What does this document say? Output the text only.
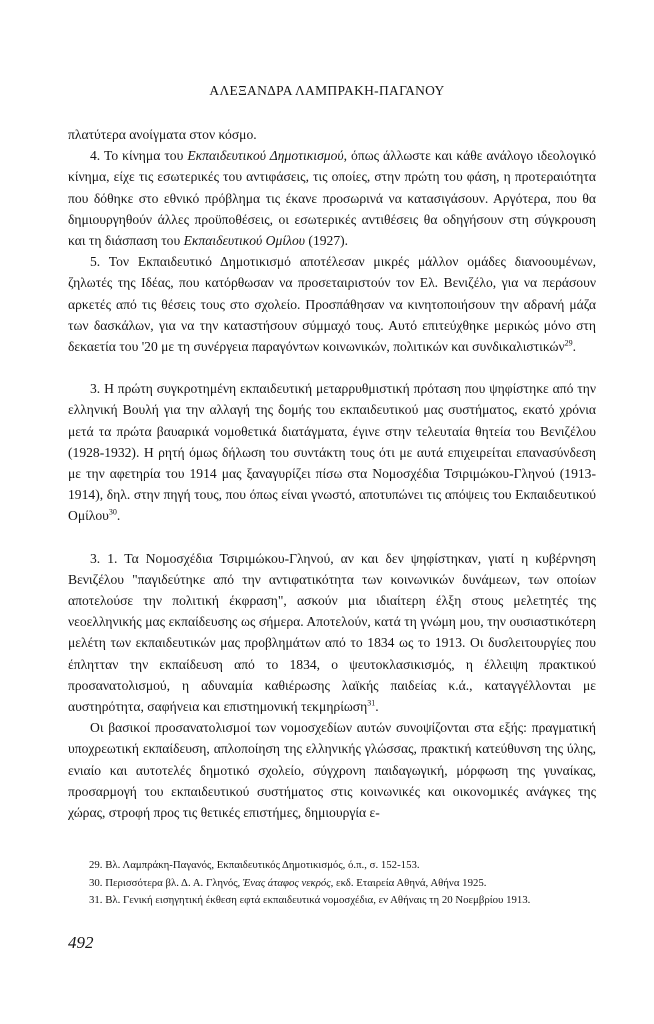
ΑΛΕΞΑΝΔΡΑ ΛΑΜΠΡΑΚΗ-ΠΑΓΑΝΟΥ

πλατύτερα ανοίγματα στον κόσμο.

4. Το κίνημα του Εκπαιδευτικού Δημοτικισμού, όπως άλλωστε και κάθε ανάλογο ιδεολογικό κίνημα, είχε τις εσωτερικές του αντιφάσεις, τις οποίες, στην πρώτη του φάση, η προτεραιότητα που δόθηκε στο εθνικό πρόβλημα τις έκανε προσωρινά να κατασιγάσουν. Αργότερα, που θα δημιουργηθούν άλλες προϋποθέσεις, οι εσωτερικές αντιθέσεις θα οδηγήσουν στη σύγκρουση και τη διάσπαση του Εκπαιδευτικού Ομίλου (1927).

5. Τον Εκπαιδευτικό Δημοτικισμό αποτέλεσαν μικρές μάλλον ομάδες διανοουμένων, ζηλωτές της Ιδέας, που κατόρθωσαν να προσεταιριστούν τον Ελ. Βενιζέλο, για να περάσουν αρκετές από τις θέσεις τους στο σχολείο. Προσπάθησαν να κινητοποιήσουν την αδρανή μάζα των δασκάλων, για να την καταστήσουν σύμμαχό τους. Αυτό επιτεύχθηκε μερικώς μόνο στη δεκαετία του '20 με τη συνέργεια παραγόντων κοινωνικών, πολιτικών και συνδικαλιστικών$^{29}$.

3. Η πρώτη συγκροτημένη εκπαιδευτική μεταρρυθμιστική πρόταση που ψηφίστηκε από την ελληνική Βουλή για την αλλαγή της δομής του εκπαιδευτικού μας συστήματος, εκατό χρόνια μετά τα πρώτα βαυαρικά νομοθετικά διατάγματα, έγινε στην τελευταία θητεία του Βενιζέλου (1928-1932). Η ρητή όμως δήλωση του συντάκτη τους ότι με αυτά επιχειρείται επανασύνδεση με την αφετηρία του 1914 μας ξαναγυρίζει πίσω στα Νομοσχέδια Τσιριμώκου-Γληνού (1913-1914), δηλ. στην πηγή τους, που όπως είναι γνωστό, αποτυπώνει τις απόψεις του Εκπαιδευτικού Ομίλου$^{30}$.

3. 1. Τα Νομοσχέδια Τσιριμώκου-Γληνού, αν και δεν ψηφίστηκαν, γιατί η κυβέρνηση Βενιζέλου "παγιδεύτηκε από την αντιφατικότητα των κοινωνικών δυνάμεων, των οποίων αποτελούσε την πολιτική έκφραση", ασκούν μια ιδιαίτερη έλξη στους μελετητές της νεοελληνικής μας εκπαίδευσης ως σήμερα. Αποτελούν, κατά τη γνώμη μου, την ουσιαστικότερη μελέτη των εκπαιδευτικών μας προβλημάτων από το 1834 ως το 1913. Οι δυσλειτουργίες που έπλητταν την εκπαίδευση από το 1834, ο ψευτοκλασικισμός, η έλλειψη πρακτικού προσανατολισμού, η αδυναμία καθιέρωσης λαϊκής παιδείας κ.ά., καταγγέλλονται με αυστηρότητα, σαφήνεια και επιστημονική τεκμηρίωση$^{31}$.

Οι βασικοί προσανατολισμοί των νομοσχεδίων αυτών συνοψίζονται στα εξής: πραγματική υποχρεωτική εκπαίδευση, απλοποίηση της ελληνικής γλώσσας, πρακτική κατεύθυνση της ύλης, ενιαίο και αυτοτελές δημοτικό σχολείο, σύγχρονη παιδαγωγική, μόρφωση της γυναίκας, προσαρμογή του εκπαιδευτικού συστήματος στις κοινωνικές και οικονομικές ανάγκες της χώρας, στροφή προς τις θετικές επιστήμες, δημιουργία ε-

29. Βλ. Λαμπράκη-Παγανός, Εκπαιδευτικός Δημοτικισμός, ό.π., σ. 152-153.

30. Περισσότερα βλ. Δ. Α. Γληνός, Ένας άταφος νεκρός, εκδ. Εταιρεία Αθηνά, Αθήνα 1925.

31. Βλ. Γενική εισηγητική έκθεση εφτά εκπαιδευτικά νομοσχέδια, εν Αθήναις τη 20 Νοεμβρίου 1913.

492
